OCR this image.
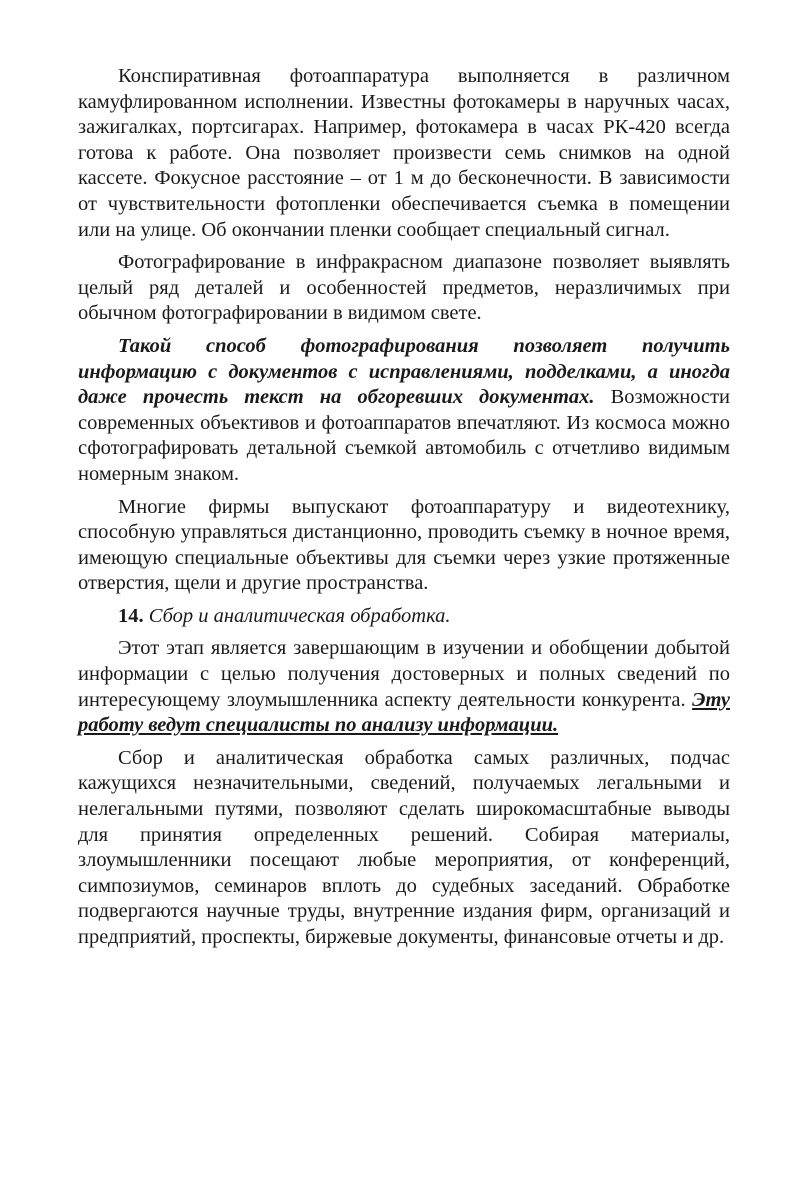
Конспиративная фотоаппаратура выполняется в различном камуфлированном исполнении. Известны фотокамеры в наручных часах, зажигалках, портсигарах. Например, фотокамера в часах РК-420 всегда готова к работе. Она позволяет произвести семь снимков на одной кассете. Фокусное расстояние – от 1 м до бесконечности. В зависимости от чувствительности фотопленки обеспечивается съемка в помещении или на улице. Об окончании пленки сообщает специальный сигнал.

Фотографирование в инфракрасном диапазоне позволяет выявлять целый ряд деталей и особенностей предметов, неразличимых при обычном фотографировании в видимом свете.

Такой способ фотографирования позволяет получить информацию с документов с исправлениями, подделками, а иногда даже прочесть текст на обгоревших документах. Возможности современных объективов и фотоаппаратов впечатляют. Из космоса можно сфотографировать детальной съемкой автомобиль с отчетливо видимым номерным знаком.

Многие фирмы выпускают фотоаппаратуру и видеотехнику, способную управляться дистанционно, проводить съемку в ночное время, имеющую специальные объективы для съемки через узкие протяженные отверстия, щели и другие пространства.

14. Сбор и аналитическая обработка.

Этот этап является завершающим в изучении и обобщении добытой информации с целью получения достоверных и полных сведений по интересующему злоумышленника аспекту деятельности конкурента. Эту работу ведут специалисты по анализу информации.

Сбор и аналитическая обработка самых различных, подчас кажущихся незначительными, сведений, получаемых легальными и нелегальными путями, позволяют сделать широкомасштабные выводы для принятия определенных решений. Собирая материалы, злоумышленники посещают любые мероприятия, от конференций, симпозиумов, семинаров вплоть до судебных заседаний. Обработке подвергаются научные труды, внутренние издания фирм, организаций и предприятий, проспекты, биржевые документы, финансовые отчеты и др.
